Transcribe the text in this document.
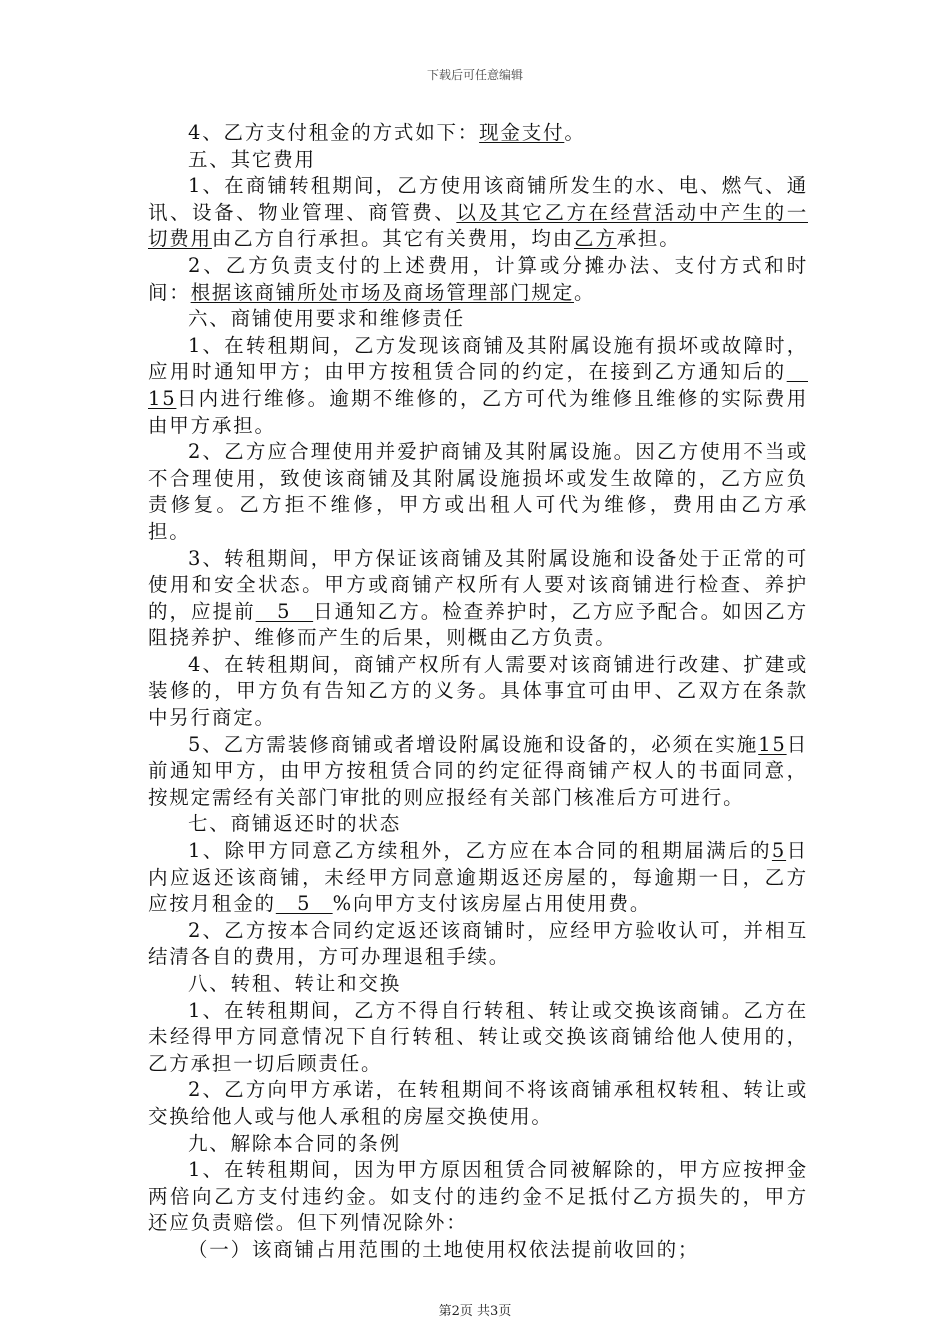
下载后可任意编辑

4、乙方支付租金的方式如下：现金支付。

五、其它费用

1、在商铺转租期间，乙方使用该商铺所发生的水、电、燃气、通讯、设备、物业管理、商管费、以及其它乙方在经营活动中产生的一切费用由乙方自行承担。其它有关费用，均由乙方承担。

2、乙方负责支付的上述费用，计算或分摊办法、支付方式和时间：根据该商铺所处市场及商场管理部门规定。

六、商铺使用要求和维修责任

1、在转租期间，乙方发现该商铺及其附属设施有损坏或故障时，应用时通知甲方；由甲方按租赁合同的约定，在接到乙方通知后的　15日内进行维修。逾期不维修的，乙方可代为维修且维修的实际费用由甲方承担。

2、乙方应合理使用并爱护商铺及其附属设施。因乙方使用不当或不合理使用，致使该商铺及其附属设施损坏或发生故障的，乙方应负责修复。乙方拒不维修，甲方或出租人可代为维修，费用由乙方承担。

3、转租期间，甲方保证该商铺及其附属设施和设备处于正常的可使用和安全状态。甲方或商铺产权所有人要对该商铺进行检查、养护的，应提前　5　日通知乙方。检查养护时，乙方应予配合。如因乙方阻挠养护、维修而产生的后果，则概由乙方负责。

4、在转租期间，商铺产权所有人需要对该商铺进行改建、扩建或装修的，甲方负有告知乙方的义务。具体事宜可由甲、乙双方在条款中另行商定。

5、乙方需装修商铺或者增设附属设施和设备的，必须在实施15日前通知甲方，由甲方按租赁合同的约定征得商铺产权人的书面同意，按规定需经有关部门审批的则应报经有关部门核准后方可进行。

七、商铺返还时的状态

1、除甲方同意乙方续租外，乙方应在本合同的租期届满后的5日内应返还该商铺，未经甲方同意逾期返还房屋的，每逾期一日，乙方应按月租金的　5　%向甲方支付该房屋占用使用费。

2、乙方按本合同约定返还该商铺时，应经甲方验收认可，并相互结清各自的费用，方可办理退租手续。

八、转租、转让和交换

1、在转租期间，乙方不得自行转租、转让或交换该商铺。乙方在未经得甲方同意情况下自行转租、转让或交换该商铺给他人使用的，乙方承担一切后顾责任。

2、乙方向甲方承诺，在转租期间不将该商铺承租权转租、转让或交换给他人或与他人承租的房屋交换使用。

九、解除本合同的条例

1、在转租期间，因为甲方原因租赁合同被解除的，甲方应按押金两倍向乙方支付违约金。如支付的违约金不足抵付乙方损失的，甲方还应负责赔偿。但下列情况除外：

（一）该商铺占用范围的土地使用权依法提前收回的；

第2页 共3页
